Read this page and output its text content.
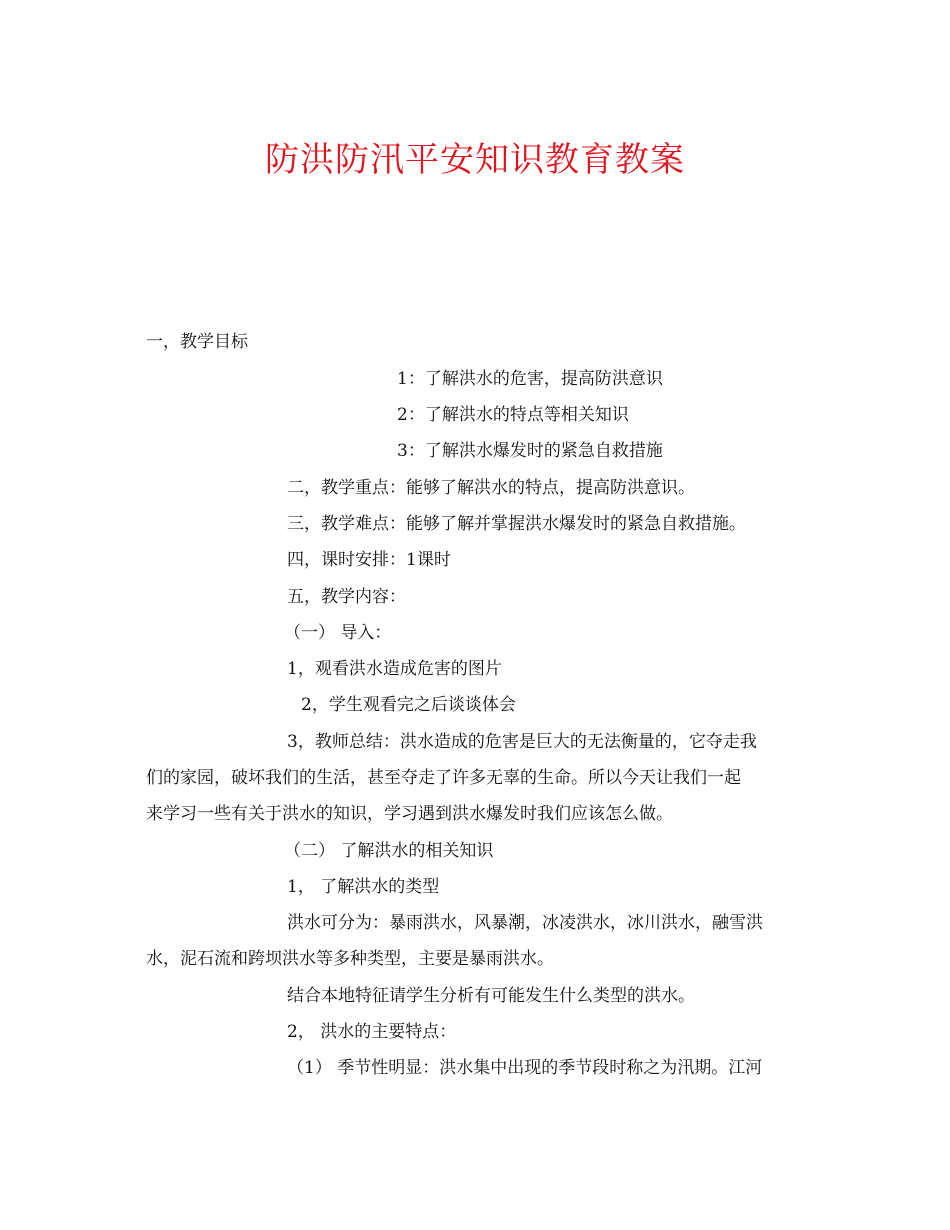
防洪防汛平安知识教育教案
一，教学目标
1：了解洪水的危害，提高防洪意识
2：了解洪水的特点等相关知识
3：了解洪水爆发时的紧急自救措施
二，教学重点：能够了解洪水的特点，提高防洪意识。
三，教学难点：能够了解并掌握洪水爆发时的紧急自救措施。
四，课时安排：1课时
五，教学内容：
（一） 导入：
1，观看洪水造成危害的图片
2，学生观看完之后谈谈体会
3，教师总结：洪水造成的危害是巨大的无法衡量的，它夺走我
们的家园，破坏我们的生活，甚至夺走了许多无辜的生命。所以今天让我们一起
来学习一些有关于洪水的知识，学习遇到洪水爆发时我们应该怎么做。
（二） 了解洪水的相关知识
1， 了解洪水的类型
洪水可分为：暴雨洪水，风暴潮，冰凌洪水，冰川洪水，融雪洪
水，泥石流和跨坝洪水等多种类型，主要是暴雨洪水。
结合本地特征请学生分析有可能发生什么类型的洪水。
2， 洪水的主要特点：
（1） 季节性明显：洪水集中出现的季节段时称之为汛期。江河
